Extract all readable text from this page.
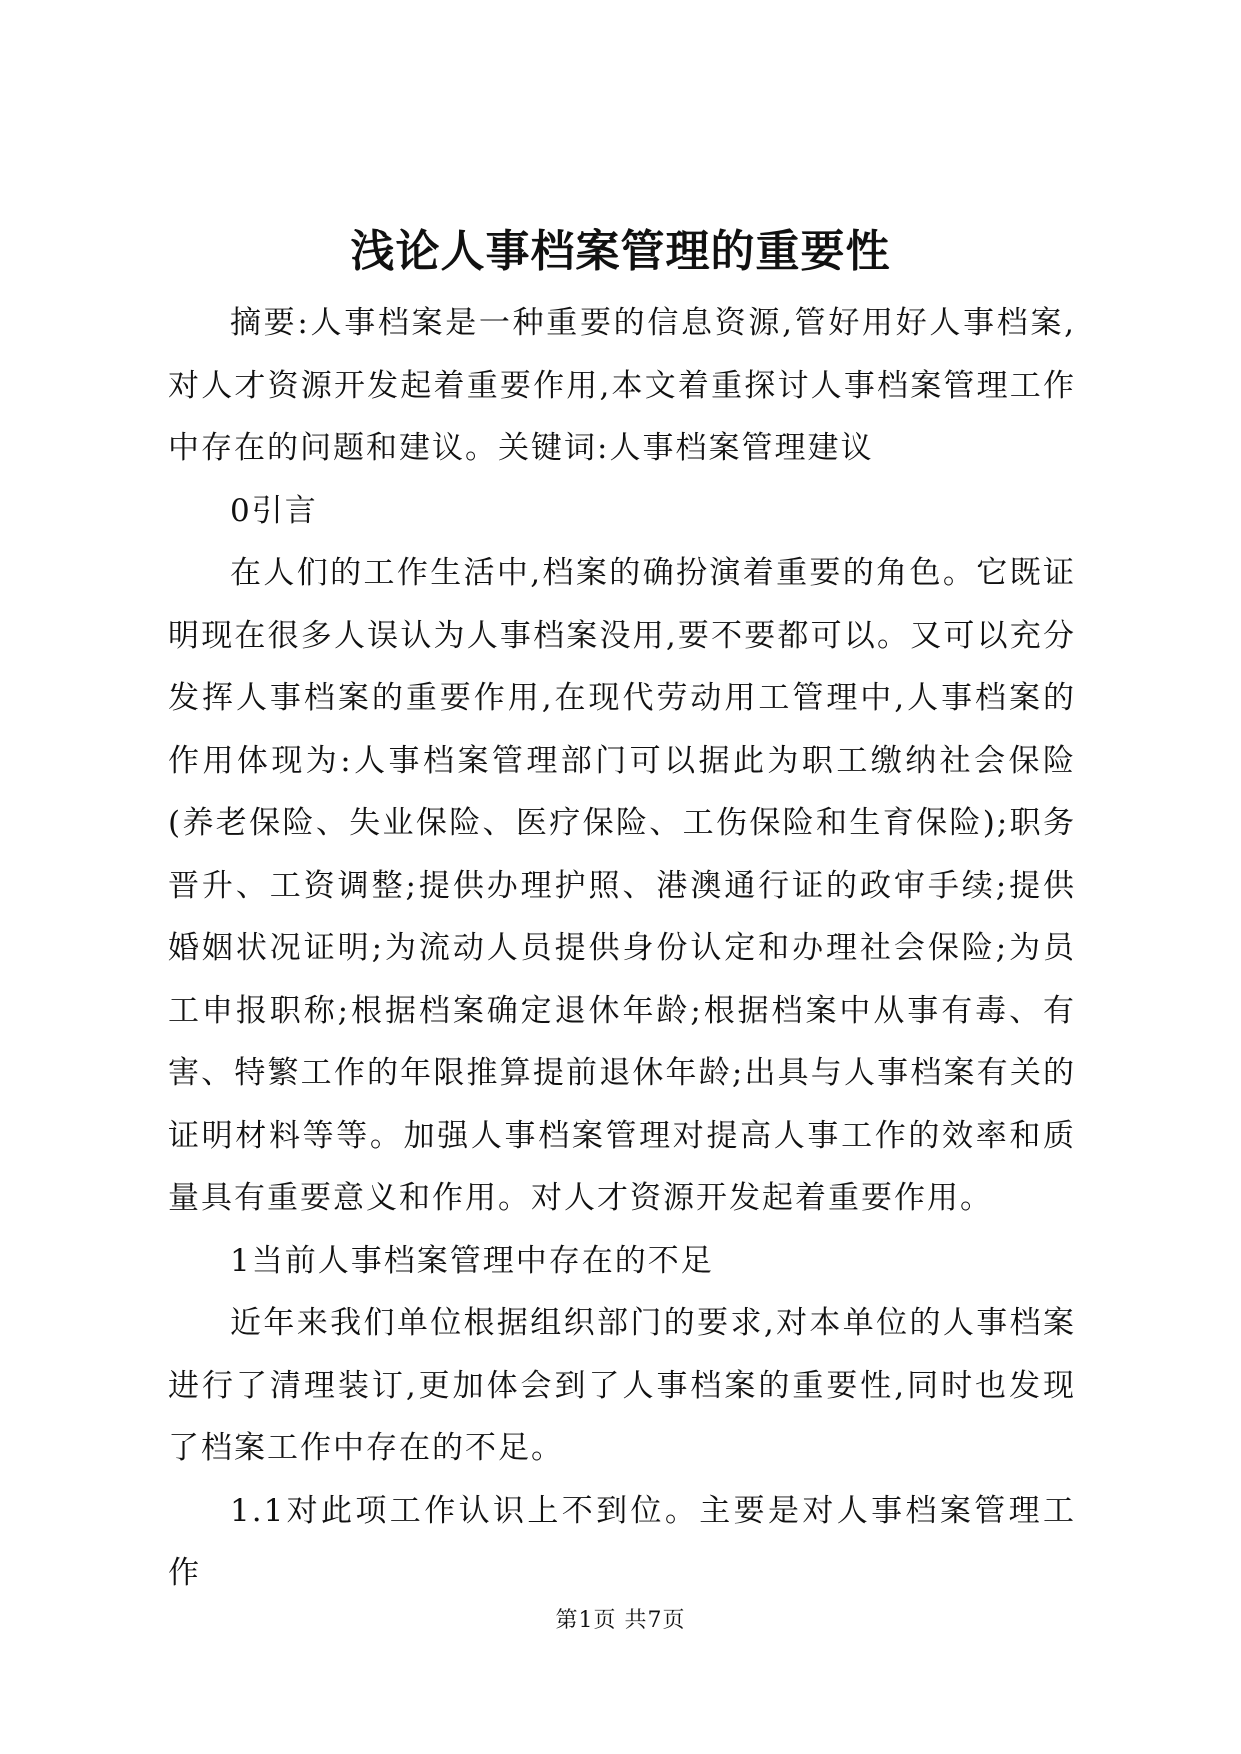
浅论人事档案管理的重要性

摘要:人事档案是一种重要的信息资源,管好用好人事档案,对人才资源开发起着重要作用,本文着重探讨人事档案管理工作中存在的问题和建议。关键词:人事档案管理建议

0引言

在人们的工作生活中,档案的确扮演着重要的角色。它既证明现在很多人误认为人事档案没用,要不要都可以。又可以充分发挥人事档案的重要作用,在现代劳动用工管理中,人事档案的作用体现为:人事档案管理部门可以据此为职工缴纳社会保险(养老保险、失业保险、医疗保险、工伤保险和生育保险);职务晋升、工资调整;提供办理护照、港澳通行证的政审手续;提供婚姻状况证明;为流动人员提供身份认定和办理社会保险;为员工申报职称;根据档案确定退休年龄;根据档案中从事有毒、有害、特繁工作的年限推算提前退休年龄;出具与人事档案有关的证明材料等等。加强人事档案管理对提高人事工作的效率和质量具有重要意义和作用。对人才资源开发起着重要作用。

1当前人事档案管理中存在的不足

近年来我们单位根据组织部门的要求,对本单位的人事档案进行了清理装订,更加体会到了人事档案的重要性,同时也发现了档案工作中存在的不足。

1.1对此项工作认识上不到位。主要是对人事档案管理工作

第1页 共7页
